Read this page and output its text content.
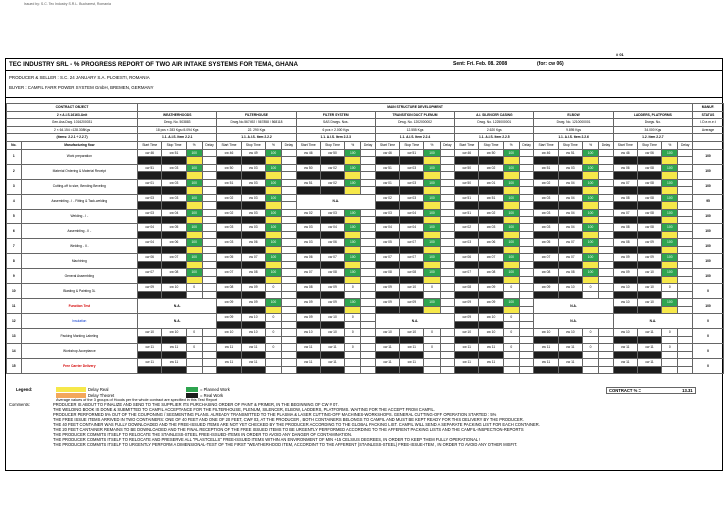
Issued by: S.C. Tec Industry S.R.L. Bucharest, Romania
# 01
TEC INDUSTRY SRL - % PROGRESS REPORT OF TWO AIR INTAKE SYSTEMS FOR TEMA, GHANA	Sent: Fri. Feb. 08. 2008	(for: cw 06)
PRODUCER & SELLER : S.C. 24 JANUARY S.A. PLOIESTI, ROMANIA
BUYER : CAMFIL FARR POWER SYSTEM GmbH, BREMEN, GERMANY
CONTRACT OBJECT		MAIN STRUCTURE DEVELOPMENT																												MANUF.
2 × A.I.S.16163-Unit		WEATHERHOODS				FILTERHOUSE				FILTER SYSTEM				TRANSITION DUCT PLENUM				A.I. SILENCER CASING				ELBOW				LADDERS, PLATFORMS				STATUS
Gen.Ass.Dwg. 1016200031		Drwg. No. 503883				Drwg.No.567492 / 567858 / 568118				SAS Drwgs. Nos.				Drwg. No. 1202000002				Drwg. No. 1225000001				Drwg. No. 1210000001				Drwgs. No.				I.D.e.m.e.t
2 × 64.154 =128.308Kgs		18 pcs × 283 Kgs=5.094 Kgs				22. 290 Kgs				6 pcs × 2.000 Kgs				12.555 Kgs				2.620 Kgs				9.895 Kgs				34.000 Kgs				Average
(items: 2.2.1 ÷ 2.2.7)		1.1. A.I.S. Item 2.2.1				1.1. A.I.S. Item 2.2.2				1.1. A.I.S. Item 2.2.3				1.1. A.I.S. Item 2.2.4				1.1. A.I.S. Item 2.2.5				1.1. A.I.S. Item 2.2.6				1.2. Item 2.2.7				
No.	Manufacturing flow	Start Time	Stop Time	%	Delay	Start Time	Stop Time	%	Delay	Start Time	Stop Time	%	Delay	Start Time	Stop Time	%	Delay	Start Time	Stop Time	%	Delay	Start Time	Stop Time	%	Delay	Start Time	Stop Time	%	Delay	
1	Work preparation	cw 46	cw 51	100		cw 46	cw 49	100		cw 46	cw 50	100		cw 46	cw 51	100		cw 46	cw 50	100		cw 46	cw 51	100		cw 46	cw 06	100		100

2	Material Ordering & Material Receipt	cw 51	cw 03	100		cw 50	cw 03	100		cw 50	cw 02	100		cw 51	cw 03	100		cw 50	cw 02	100		cw 51	cw 03	100		cw 06	cw 08	100		100

3	Cutting-off to size, Bending Beveling	cw 01	cw 03	100		cw 51	cw 03	100		cw 51	cw 02	100		cw 01	cw 03	100		cw 50	cw 01	100		cw 02	cw 04	100		cw 07	cw 08	100		100

4	Assembling - I - Fitting & Tack-welding	cw 03	cw 03	100		cw 02	cw 03	100		N.A.				cw 02	cw 03	100		cw 51	cw 51	100		cw 03	cw 04	100		cw 08	cw 08	100		95

5	Welding - I -	cw 03	cw 04	100		cw 02	cw 03	100		cw 02	cw 03	100		cw 03	cw 04	100		cw 51	cw 02	100		cw 03	cw 04	100		cw 07	cw 08	100		100

6	Assembling - II -	cw 04	cw 05	100		cw 03	cw 03	100		cw 03	cw 04	100		cw 04	cw 04	100		cw 02	cw 03	100		cw 03	cw 04	100		cw 08	cw 08	100		100

7	Welding - II -	cw 04	cw 06	100		cw 03	cw 06	100		cw 03	cw 06	100		cw 05	cw 07	100		cw 03	cw 06	100		cw 05	cw 07	100		cw 08	cw 09	100		100

8	Machining	cw 06	cw 07	100		cw 05	cw 07	100		cw 06	cw 07	100		cw 07	cw 07	100		cw 06	cw 07	100		cw 07	cw 07	100		cw 09	cw 09	100		100

9	General Assembling	cw 07	cw 08	100		cw 07	cw 08	100		cw 07	cw 08	100		cw 08	cw 08	100		cw 07	cw 08	100		cw 08	cw 08	100		cw 09	cw 10	100		100

10	Blasting & Painting 3L	cw 09	cw 10	0		cw 08	cw 09	0		cw 08	cw 09	0		cw 09	cw 10	0		cw 08	cw 09	0		cw 09	cw 10	0		cw 10	cw 10	0		0

11	Function Test	N.A.				cw 09	cw 09	100		cw 09	cw 09	100		cw 09	cw 09	100		cw 09	cw 09	100		N.A.				cw 10	cw 10	100		100

12	Insulation	N.A.				cw 09	cw 10	0		cw 09	cw 10	0		N.A.				cw 09	cw 10	0		N.A.				N.A.				0

13	Packing Marking Labeling	cw 10	cw 10	0		cw 10	cw 10	0		cw 10	cw 10	0		cw 10	cw 10	0		cw 10	cw 10	0		cw 10	cw 10	0		cw 10	cw 11	0		0

14	Workshop Acceptance	cw 11	cw 11	0		cw 11	cw 11	0		cw 11	cw 11	0		cw 11	cw 11	0		cw 11	cw 11	0		cw 11	cw 11	0		cw 11	cw 11	0		0

15	Free Carrier Delivery	cw 11	cw 11			cw 11	cw 11			cw 11	cw 11			cw 11	cw 11			cw 11	cw 11			cw 11	cw 11			cw 11	cw 11			0

Legend:	Delay Real
Delay Theoret
= Planned Work
= Real Work
CONTRACT % =	13.31
Average values of the 3 groups of Hoods per the whole contract are specified in this Test Report
Comments:	PRODUCER IS ABOUT TO FINALIZE AND SEND TO THE SUPPLIER ITS PURCHASING ORDER OF PAINT & PRIMER, IN THE BEGINNING OF CW # 07.
THE WELDING BOOK IS DONE & SUBMITTED TO CAMFIL ACCEPTANCE FOR THE FILTERHOUSE, PLENUM, SILENCER, ELBOW, LADDERS, PLATFORMS. WAITING FOR THE ACCEPT FROM CAMFIL.
PRODUCER PERFORMED 5% OUT OF THE COUPONING / SEGMENTING PLANS. ALREADY TRANSMITTED TO THE PLASMA & LASER CUTTING-OFF MACHINES-WORKSHOPS. GENERAL CUTTING-OFF OPERATION STARTED : 5%
THE FREE ISSUE ITEMS ARRIVED IN TWO CONTAINERS: ONE OF 40 FEET AND ONE OF 20 FEET, CW# 03, AT THE PRODUCER , BOTH CONTAINERS BELONGS TO CAMFIL AND MUST BE KEPT READY FOR THIS DELIVERY BY THE PRODUCER.
THE 40 FEET CONTAINER WAS FULLY DOWNLOADED AND THE FREE-ISSUED ITEMS ARE NOT YET CHECKED BY THE PRODUCER ACCORDING TO THE GLOBAL PACKING LIST. CAMFIL WILL SEND A SEPARATE PACKING LIST FOR EACH CONTAINER.
THE 20 FEET CANTAINER REMAINS TO BE DOWNLOADED AND THE FINAL RECEPTION OF THE FREE ISSUED ITEMS TO BE URGENTLY PERFORMED ACCORDING TO THE AFFERENT PACKING LISTS AND THE CAMFIL-INSPECTION-REPORTS
THE PRODUCER COMMITS ITSELF TO RELOCATE THE STAINLESS-STEEL FREE-ISSUED-ITEMS IN ORDER TO AVOID ANY DANGER OF CONTAMINATION.
THE PRODUCER COMMITS ITSELF TO RELOCATE AND PRESERVE ALL "PLASTCELLS" FREE-ISSUED ITEMS WITHIN AN ENVIRONMENT OF MIN +15 CELSIUS DEGREES, IN ORDER TO KEEP THEM FULLY OPERATIONAL !
THE PRODUCER COMMITS ITSELF TO URGENTLY PERFORM A DIMENSIONAL-TEST OF THE FIRST "WEATHERHOOD ITEM, ACCORDINT TO THE AFFERENT (STAINLESS-STEEL) FREE-ISSUE-ITEM , IN ORDER TO AVOID ANY OTHER MISFIT.
